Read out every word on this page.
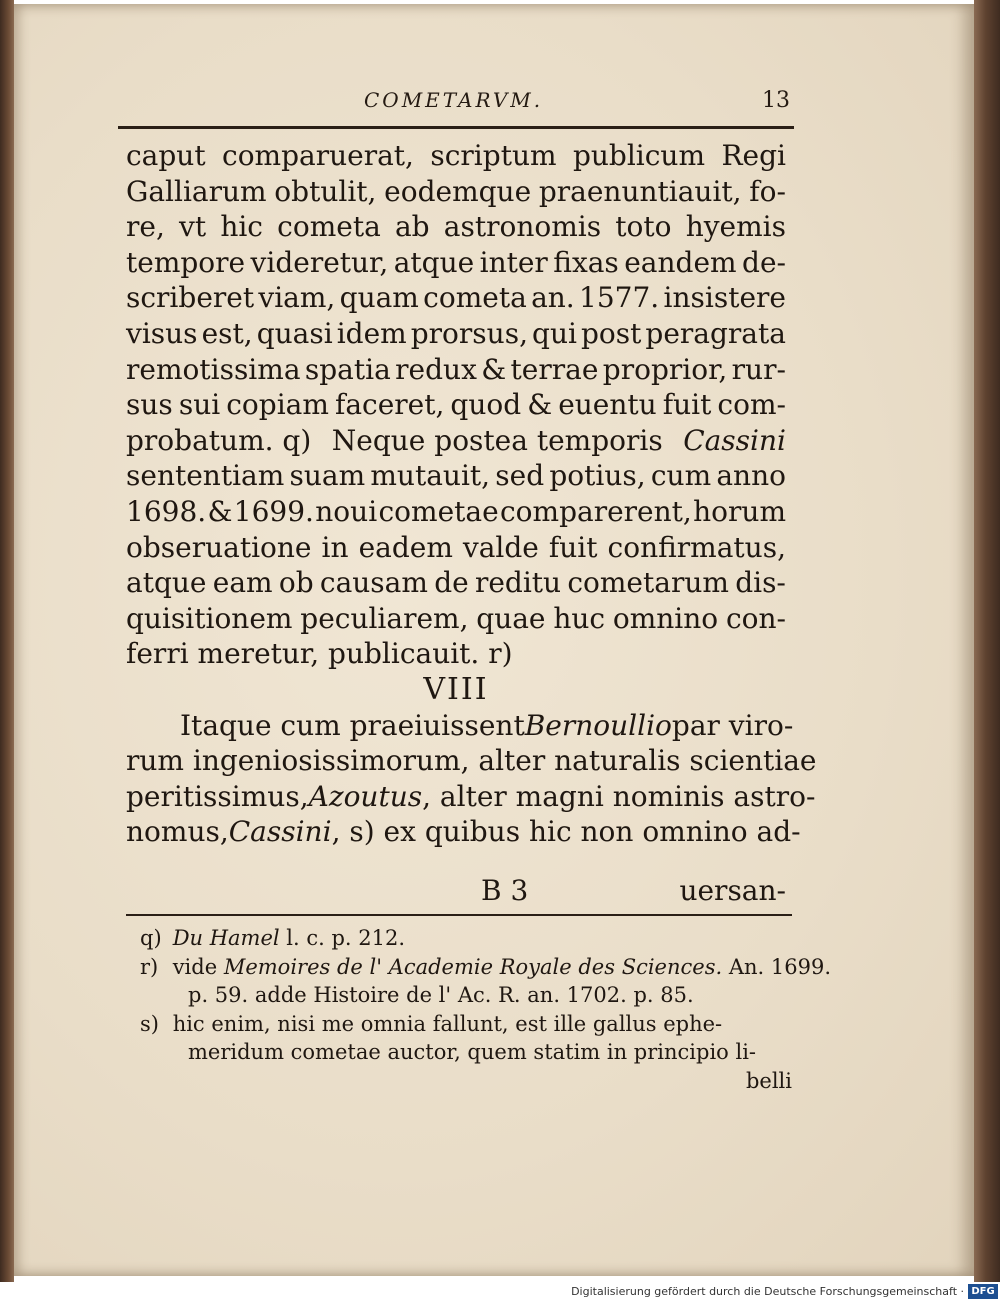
COMETARVM.	13
caput comparuerat, scriptum publicum Regi
Galliarum obtulit, eodemque praenuntiauit, fo-
re, vt hic cometa ab astronomis toto hyemis
tempore videretur, atque inter fixas eandem de-
scriberet viam, quam cometa an. 1577. insistere
visus est, quasi idem prorsus, qui post peragrata
remotissima spatia redux & terrae proprior, rur-
sus sui copiam faceret, quod & euentu fuit com-
probatum. q) Neque postea temporis Cassini
sententiam suam mutauit, sed potius, cum anno
1698. & 1699. noui cometae comparerent, horum
obseruatione in eadem valde fuit confirmatus,
atque eam ob causam de reditu cometarum dis-
quisitionem peculiarem, quae huc omnino con-
ferri meretur, publicauit. r)
VIII
Itaque cum praeiuissent Bernoullio par viro-
rum ingeniosissimorum, alter naturalis scientiae
peritissimus, Azoutus, alter magni nominis astro-
nomus, Cassini, s) ex quibus hic non omnino ad-
B 3	uersan-
q) Du Hamel l. c. p. 212.
r) vide Memoires de l' Academie Royale des Sciences. An. 1699.
p. 59. adde Histoire de l' Ac. R. an. 1702. p. 85.
s) hic enim, nisi me omnia fallunt, est ille gallus ephe-
meridum cometae auctor, quem statim in principio li-
belli
Digitalisierung gefördert durch die Deutsche Forschungsgemeinschaft · DFG
